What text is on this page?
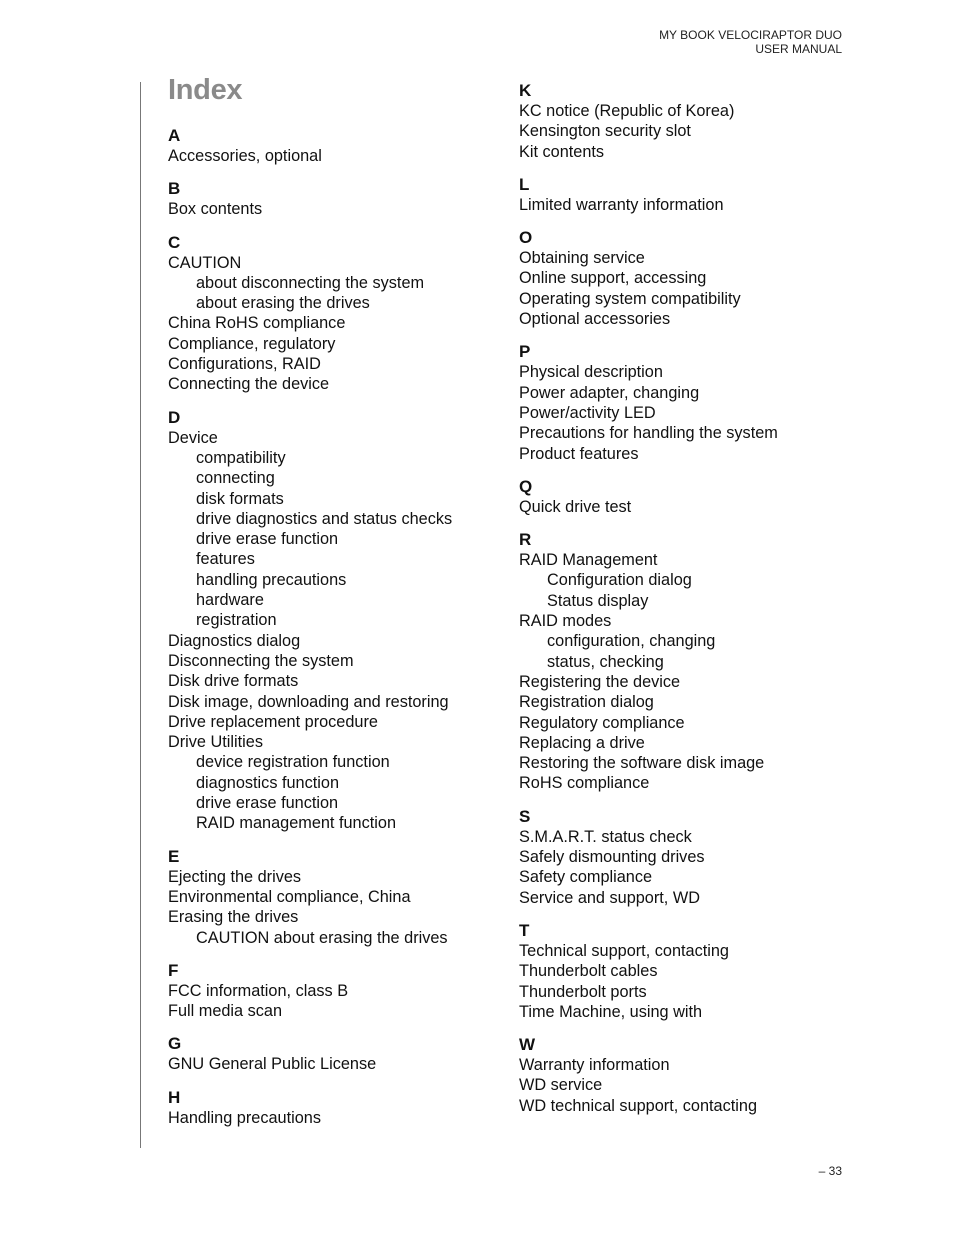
MY BOOK VELOCIRAPTOR DUO
USER MANUAL
Index
A
Accessories, optional
B
Box contents
C
CAUTION
about disconnecting the system
about erasing the drives
China RoHS compliance
Compliance, regulatory
Configurations, RAID
Connecting the device
D
Device
compatibility
connecting
disk formats
drive diagnostics and status checks
drive erase function
features
handling precautions
hardware
registration
Diagnostics dialog
Disconnecting the system
Disk drive formats
Disk image, downloading and restoring
Drive replacement procedure
Drive Utilities
device registration function
diagnostics function
drive erase function
RAID management function
E
Ejecting the drives
Environmental compliance, China
Erasing the drives
CAUTION about erasing the drives
F
FCC information, class B
Full media scan
G
GNU General Public License
H
Handling precautions
K
KC notice (Republic of Korea)
Kensington security slot
Kit contents
L
Limited warranty information
O
Obtaining service
Online support, accessing
Operating system compatibility
Optional accessories
P
Physical description
Power adapter, changing
Power/activity LED
Precautions for handling the system
Product features
Q
Quick drive test
R
RAID Management
Configuration dialog
Status display
RAID modes
configuration, changing
status, checking
Registering the device
Registration dialog
Regulatory compliance
Replacing a drive
Restoring the software disk image
RoHS compliance
S
S.M.A.R.T. status check
Safely dismounting drives
Safety compliance
Service and support, WD
T
Technical support, contacting
Thunderbolt cables
Thunderbolt ports
Time Machine, using with
W
Warranty information
WD service
WD technical support, contacting
– 33
